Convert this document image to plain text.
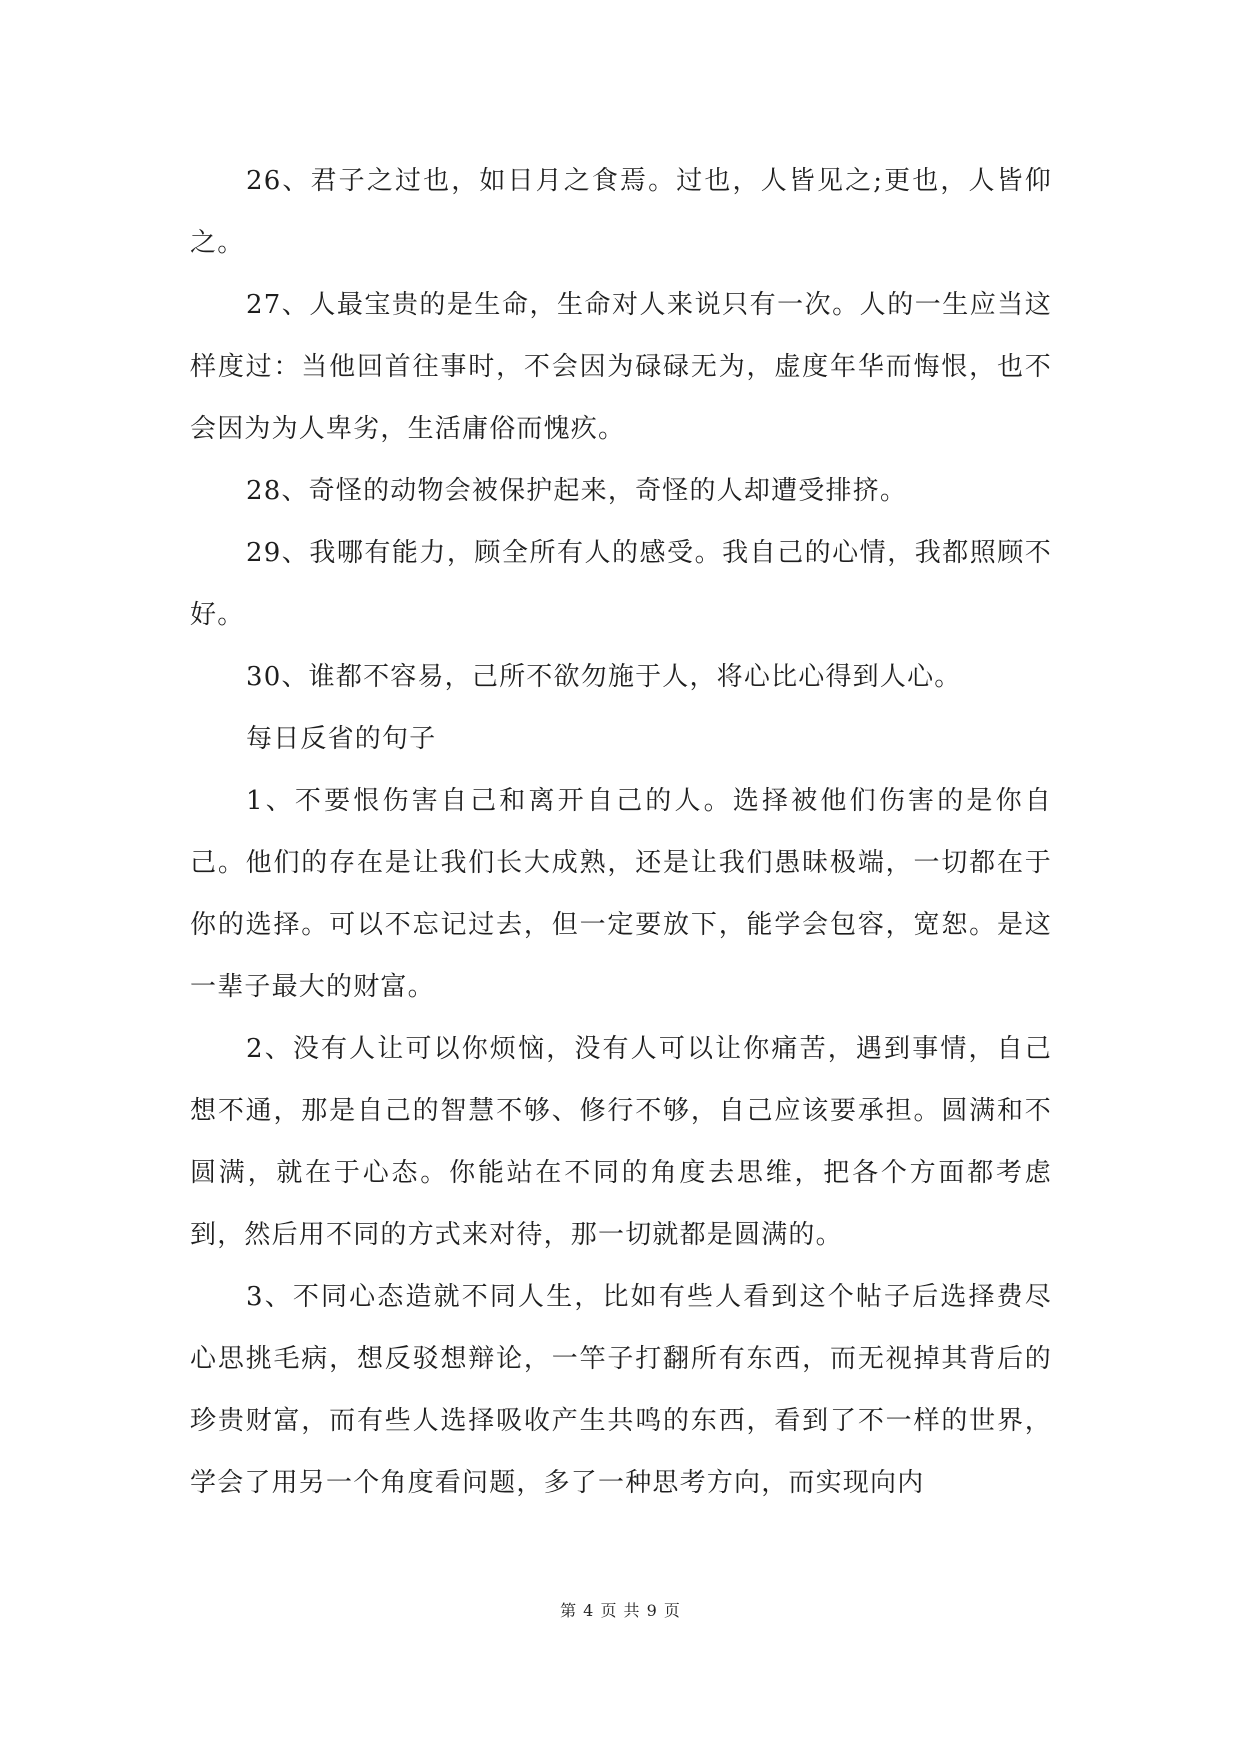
26、君子之过也，如日月之食焉。过也，人皆见之;更也，人皆仰之。

27、人最宝贵的是生命，生命对人来说只有一次。人的一生应当这样度过：当他回首往事时，不会因为碌碌无为，虚度年华而悔恨，也不会因为为人卑劣，生活庸俗而愧疚。

28、奇怪的动物会被保护起来，奇怪的人却遭受排挤。

29、我哪有能力，顾全所有人的感受。我自己的心情，我都照顾不好。

30、谁都不容易，己所不欲勿施于人，将心比心得到人心。

每日反省的句子

1、不要恨伤害自己和离开自己的人。选择被他们伤害的是你自己。他们的存在是让我们长大成熟，还是让我们愚昧极端，一切都在于你的选择。可以不忘记过去，但一定要放下，能学会包容，宽恕。是这一辈子最大的财富。

2、没有人让可以你烦恼，没有人可以让你痛苦，遇到事情，自己想不通，那是自己的智慧不够、修行不够，自己应该要承担。圆满和不圆满，就在于心态。你能站在不同的角度去思维，把各个方面都考虑到，然后用不同的方式来对待，那一切就都是圆满的。

3、不同心态造就不同人生，比如有些人看到这个帖子后选择费尽心思挑毛病，想反驳想辩论，一竿子打翻所有东西，而无视掉其背后的珍贵财富，而有些人选择吸收产生共鸣的东西，看到了不一样的世界，学会了用另一个角度看问题，多了一种思考方向，而实现向内

第 4 页 共 9 页
